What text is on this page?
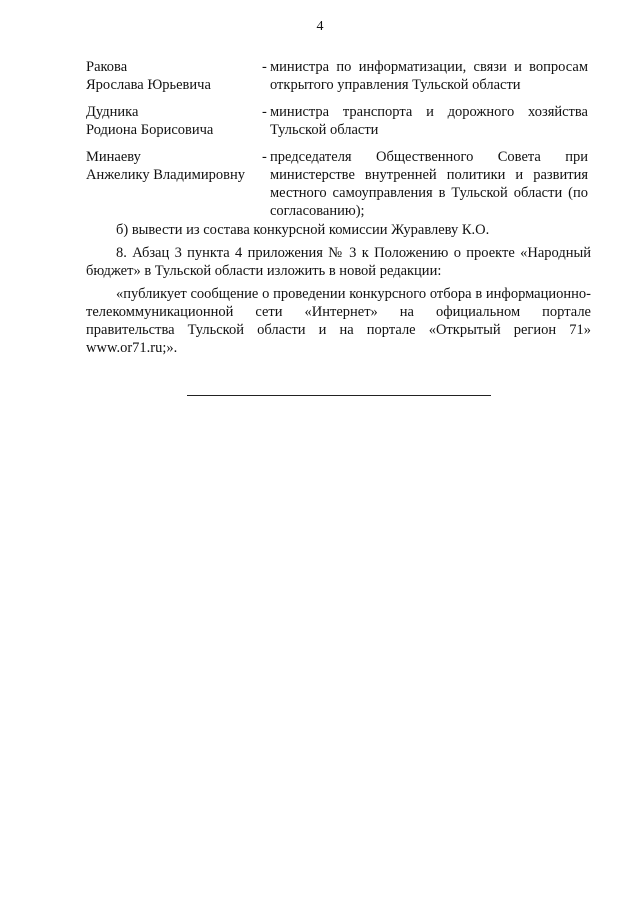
4
Ракова
Ярослава Юрьевича
- министра по информатизации, связи и вопросам открытого управления Тульской области
Дудника
Родиона Борисовича
- министра транспорта и дорожного хозяйства Тульской области
Минаеву
Анжелику Владимировну
- председателя Общественного Совета при министерстве внутренней политики и развития местного самоуправления в Тульской области (по согласованию);
б) вывести из состава конкурсной комиссии Журавлеву К.О.
8. Абзац 3 пункта 4 приложения № 3 к Положению о проекте «Народный бюджет» в Тульской области изложить в новой редакции:
«публикует сообщение о проведении конкурсного отбора в информационно-телекоммуникационной сети «Интернет» на официальном портале правительства Тульской области и на портале «Открытый регион 71» www.or71.ru;».
